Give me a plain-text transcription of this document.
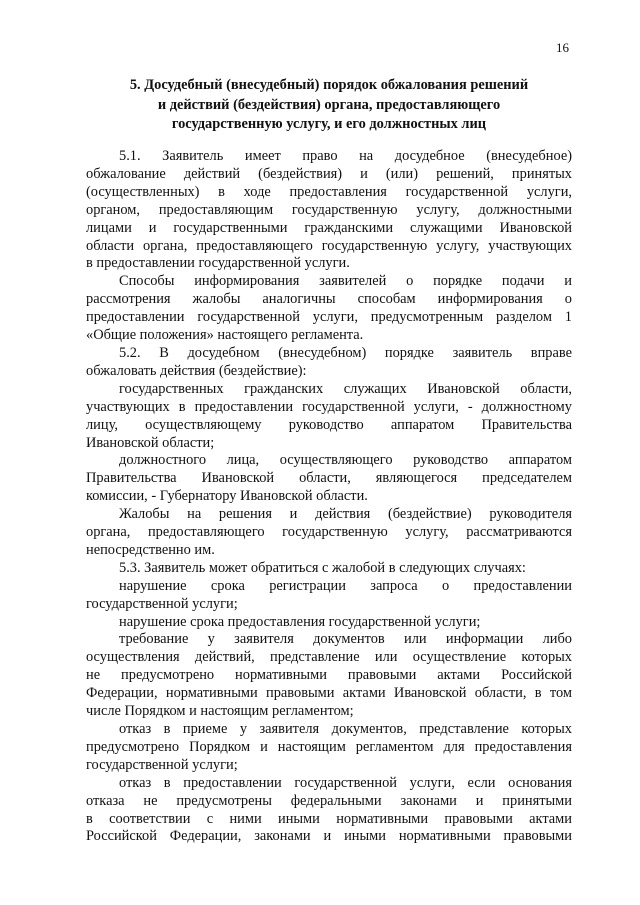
16
5. Досудебный (внесудебный) порядок обжалования решений
и действий (бездействия) органа, предоставляющего
государственную услугу, и его должностных лиц
5.1. Заявитель имеет право на досудебное (внесудебное)
обжалование действий (бездействия) и (или) решений, принятых
(осуществленных) в ходе предоставления государственной услуги,
органом, предоставляющим государственную услугу, должностными
лицами и государственными гражданскими служащими Ивановской
области органа, предоставляющего государственную услугу, участвующих
в предоставлении государственной услуги.
Способы информирования заявителей о порядке подачи и
рассмотрения жалобы аналогичны способам информирования о
предоставлении государственной услуги, предусмотренным разделом 1
«Общие положения» настоящего регламента.
5.2. В досудебном (внесудебном) порядке заявитель вправе
обжаловать действия (бездействие):
государственных гражданских служащих Ивановской области,
участвующих в предоставлении государственной услуги, - должностному
лицу, осуществляющему руководство аппаратом Правительства
Ивановской области;
должностного лица, осуществляющего руководство аппаратом
Правительства Ивановской области, являющегося председателем
комиссии, - Губернатору Ивановской области.
Жалобы на решения и действия (бездействие) руководителя
органа, предоставляющего государственную услугу, рассматриваются
непосредственно им.
5.3. Заявитель может обратиться с жалобой в следующих случаях:
нарушение срока регистрации запроса о предоставлении
государственной услуги;
нарушение срока предоставления государственной услуги;
требование у заявителя документов или информации либо
осуществления действий, представление или осуществление которых
не предусмотрено нормативными правовыми актами Российской
Федерации, нормативными правовыми актами Ивановской области, в том
числе Порядком и настоящим регламентом;
отказ в приеме у заявителя документов, представление которых
предусмотрено Порядком и настоящим регламентом для предоставления
государственной услуги;
отказ в предоставлении государственной услуги, если основания
отказа не предусмотрены федеральными законами и принятыми
в соответствии с ними иными нормативными правовыми актами
Российской Федерации, законами и иными нормативными правовыми
